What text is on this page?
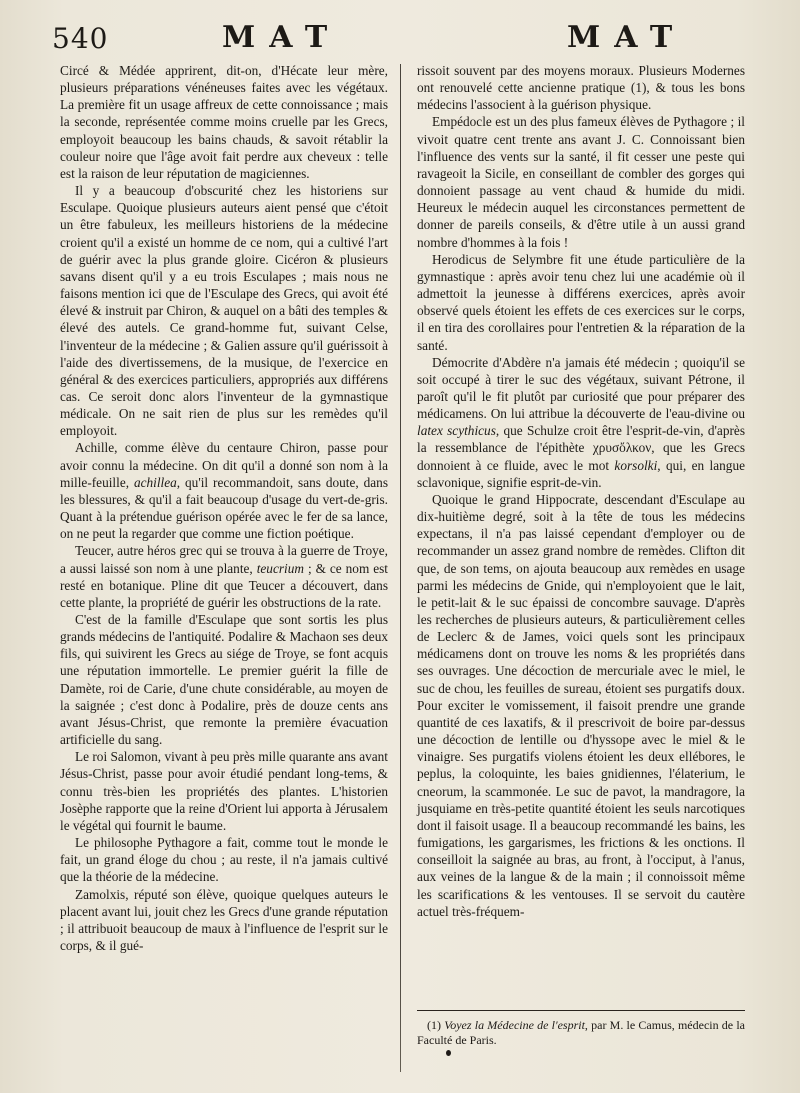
540	MAT	MAT

Circé & Médée apprirent, dit-on, d'Hécate leur mère, plusieurs préparations vénéneuses faites avec les végétaux. La première fit un usage affreux de cette connoissance ; mais la seconde, représentée comme moins cruelle par les Grecs, employoit beaucoup les bains chauds, & savoit rétablir la couleur noire que l'âge avoit fait perdre aux cheveux : telle est la raison de leur réputation de magiciennes.

Il y a beaucoup d'obscurité chez les historiens sur Esculape. Quoique plusieurs auteurs aient pensé que c'étoit un être fabuleux, les meilleurs historiens de la médecine croient qu'il a existé un homme de ce nom, qui a cultivé l'art de guérir avec la plus grande gloire. Cicéron & plusieurs savans disent qu'il y a eu trois Esculapes ; mais nous ne faisons mention ici que de l'Esculape des Grecs, qui avoit été élevé & instruit par Chiron, & auquel on a bâti des temples & élevé des autels. Ce grand-homme fut, suivant Celse, l'inventeur de la médecine ; & Galien assure qu'il guérissoit à l'aide des divertissemens, de la musique, de l'exercice en général & des exercices particuliers, appropriés aux différens cas. Ce seroit donc alors l'inventeur de la gymnastique médicale. On ne sait rien de plus sur les remèdes qu'il employoit.

Achille, comme élève du centaure Chiron, passe pour avoir connu la médecine. On dit qu'il a donné son nom à la mille-feuille, achillea, qu'il recommandoit, sans doute, dans les blessures, & qu'il a fait beaucoup d'usage du vert-de-gris. Quant à la prétendue guérison opérée avec le fer de sa lance, on ne peut la regarder que comme une fiction poétique.

Teucer, autre héros grec qui se trouva à la guerre de Troye, a aussi laissé son nom à une plante, teucrium ; & ce nom est resté en botanique. Pline dit que Teucer a découvert, dans cette plante, la propriété de guérir les obstructions de la rate.

C'est de la famille d'Esculape que sont sortis les plus grands médecins de l'antiquité. Podalire & Machaon ses deux fils, qui suivirent les Grecs au siége de Troye, se font acquis une réputation immortelle. Le premier guérit la fille de Damète, roi de Carie, d'une chute considérable, au moyen de la saignée ; c'est donc à Podalire, près de douze cents ans avant Jésus-Christ, que remonte la première évacuation artificielle du sang.

Le roi Salomon, vivant à peu près mille quarante ans avant Jésus-Christ, passe pour avoir étudié pendant long-tems, & connu très-bien les propriétés des plantes. L'historien Josèphe rapporte que la reine d'Orient lui apporta à Jérusalem le végétal qui fournit le baume.

Le philosophe Pythagore a fait, comme tout le monde le fait, un grand éloge du chou ; au reste, il n'a jamais cultivé que la théorie de la médecine.

Zamolxis, réputé son élève, quoique quelques auteurs le placent avant lui, jouit chez les Grecs d'une grande réputation ; il attribuoit beaucoup de maux à l'influence de l'esprit sur le corps, & il gué-

rissoit souvent par des moyens moraux. Plusieurs Modernes ont renouvelé cette ancienne pratique (1), & tous les bons médecins l'associent à la guérison physique.

Empédocle est un des plus fameux élèves de Pythagore ; il vivoit quatre cent trente ans avant J. C. Connoissant bien l'influence des vents sur la santé, il fit cesser une peste qui ravageoit la Sicile, en conseillant de combler des gorges qui donnoient passage au vent chaud & humide du midi. Heureux le médecin auquel les circonstances permettent de donner de pareils conseils, & d'être utile à un aussi grand nombre d'hommes à la fois !

Herodicus de Selymbre fit une étude particulière de la gymnastique : après avoir tenu chez lui une académie où il admettoit la jeunesse à différens exercices, après avoir observé quels étoient les effets de ces exercices sur le corps, il en tira des corollaires pour l'entretien & la réparation de la santé.

Démocrite d'Abdère n'a jamais été médecin ; quoiqu'il se soit occupé à tirer le suc des végétaux, suivant Pétrone, il paroît qu'il le fit plutôt par curiosité que pour préparer des médicamens. On lui attribue la découverte de l'eau-divine ou latex scythicus, que Schulze croit être l'esprit-de-vin, d'après la ressemblance de l'épithète χρυσὄλκον, que les Grecs donnoient à ce fluide, avec le mot korsolki, qui, en langue sclavonique, signifie esprit-de-vin.

Quoique le grand Hippocrate, descendant d'Esculape au dix-huitième degré, soit à la tête de tous les médecins expectans, il n'a pas laissé cependant d'employer ou de recommander un assez grand nombre de remèdes. Clifton dit que, de son tems, on ajouta beaucoup aux remèdes en usage parmi les médecins de Gnide, qui n'employoient que le lait, le petit-lait & le suc épaissi de concombre sauvage. D'après les recherches de plusieurs auteurs, & particulièrement celles de Leclerc & de James, voici quels sont les principaux médicamens dont on trouve les noms & les propriétés dans ses ouvrages. Une décoction de mercuriale avec le miel, le suc de chou, les feuilles de sureau, étoient ses purgatifs doux. Pour exciter le vomissement, il faisoit prendre une grande quantité de ces laxatifs, & il prescrivoit de boire par-dessus une décoction de lentille ou d'hyssope avec le miel & le vinaigre. Ses purgatifs violens étoient les deux ellébores, le peplus, la coloquinte, les baies gnidiennes, l'élaterium, le cneorum, la scammonée. Le suc de pavot, la mandragore, la jusquiame en très-petite quantité étoient les seuls narcotiques dont il faisoit usage. Il a beaucoup recommandé les bains, les fumigations, les gargarismes, les frictions & les onctions. Il conseilloit la saignée au bras, au front, à l'occiput, à l'anus, aux veines de la langue & de la main ; il connoissoit même les scarifications & les ventouses. Il se servoit du cautère actuel très-fréquem-

(1) Voyez la Médecine de l'esprit, par M. le Camus, médecin de la Faculté de Paris.
